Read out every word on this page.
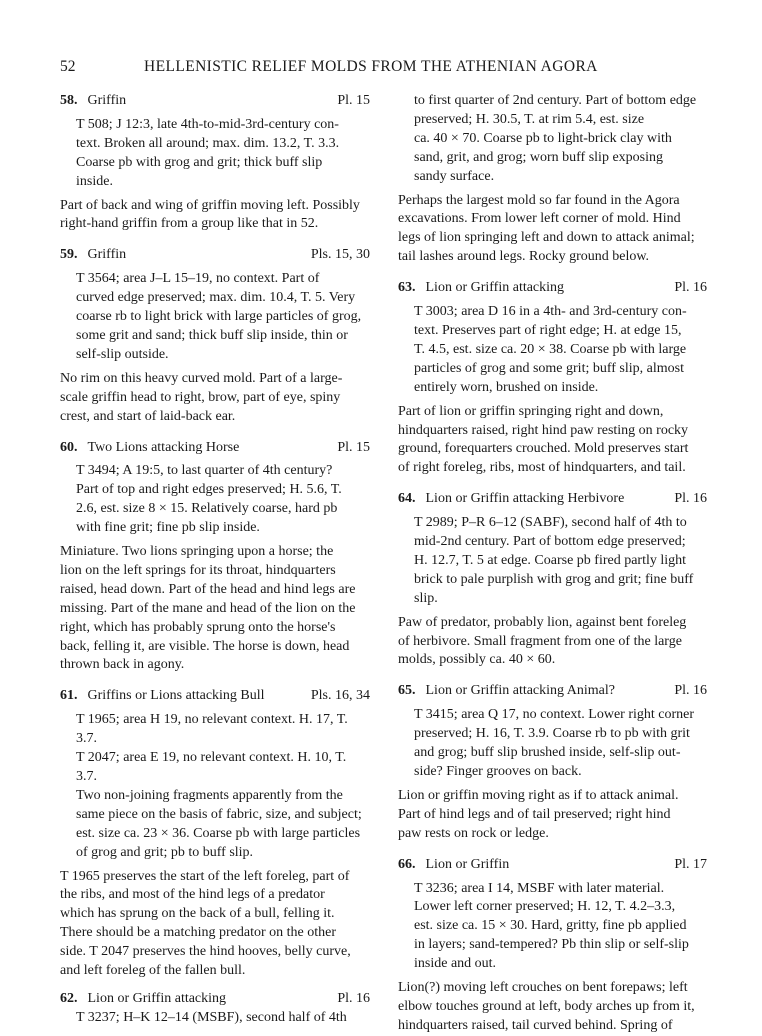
52	HELLENISTIC RELIEF MOLDS FROM THE ATHENIAN AGORA
58. Griffin	Pl. 15

T 508; J 12:3, late 4th-to-mid-3rd-century con-

text. Broken all around; max. dim. 13.2, T. 3.3.

Coarse pb with grog and grit; thick buff slip

inside.

Part of back and wing of griffin moving left. Possibly

right-hand griffin from a group like that in 52.

59. Griffin	Pls. 15, 30

T 3564; area J–L 15–19, no context. Part of

curved edge preserved; max. dim. 10.4, T. 5. Very

coarse rb to light brick with large particles of grog,

some grit and sand; thick buff slip inside, thin or

self-slip outside.

No rim on this heavy curved mold. Part of a large-

scale griffin head to right, brow, part of eye, spiny

crest, and start of laid-back ear.

60. Two Lions attacking Horse	Pl. 15

T 3494; A 19:5, to last quarter of 4th century?

Part of top and right edges preserved; H. 5.6, T.

2.6, est. size 8 × 15. Relatively coarse, hard pb

with fine grit; fine pb slip inside.

Miniature. Two lions springing upon a horse; the

lion on the left springs for its throat, hindquarters

raised, head down. Part of the head and hind legs are

missing. Part of the mane and head of the lion on the

right, which has probably sprung onto the horse's

back, felling it, are visible. The horse is down, head

thrown back in agony.

61. Griffins or Lions attacking Bull	Pls. 16, 34

T 1965; area H 19, no relevant context. H. 17, T.

3.7.

T 2047; area E 19, no relevant context. H. 10, T.

3.7.

Two non-joining fragments apparently from the

same piece on the basis of fabric, size, and subject;

est. size ca. 23 × 36. Coarse pb with large particles

of grog and grit; pb to buff slip.

T 1965 preserves the start of the left foreleg, part of

the ribs, and most of the hind legs of a predator

which has sprung on the back of a bull, felling it.

There should be a matching predator on the other

side. T 2047 preserves the hind hooves, belly curve,

and left foreleg of the fallen bull.

62. Lion or Griffin attacking	Pl. 16

T 3237; H–K 12–14 (MSBF), second half of 4th

to first quarter of 2nd century. Part of bottom edge

preserved; H. 30.5, T. at rim 5.4, est. size

ca. 40 × 70. Coarse pb to light-brick clay with

sand, grit, and grog; worn buff slip exposing

sandy surface.

Perhaps the largest mold so far found in the Agora

excavations. From lower left corner of mold. Hind

legs of lion springing left and down to attack animal;

tail lashes around legs. Rocky ground below.

63. Lion or Griffin attacking	Pl. 16

T 3003; area D 16 in a 4th- and 3rd-century con-

text. Preserves part of right edge; H. at edge 15,

T. 4.5, est. size ca. 20 × 38. Coarse pb with large

particles of grog and some grit; buff slip, almost

entirely worn, brushed on inside.

Part of lion or griffin springing right and down,

hindquarters raised, right hind paw resting on rocky

ground, forequarters crouched. Mold preserves start

of right foreleg, ribs, most of hindquarters, and tail.

64. Lion or Griffin attacking Herbivore	Pl. 16

T 2989; P–R 6–12 (SABF), second half of 4th to

mid-2nd century. Part of bottom edge preserved;

H. 12.7, T. 5 at edge. Coarse pb fired partly light

brick to pale purplish with grog and grit; fine buff

slip.

Paw of predator, probably lion, against bent foreleg

of herbivore. Small fragment from one of the large

molds, possibly ca. 40 × 60.

65. Lion or Griffin attacking Animal?	Pl. 16

T 3415; area Q 17, no context. Lower right corner

preserved; H. 16, T. 3.9. Coarse rb to pb with grit

and grog; buff slip brushed inside, self-slip out-

side? Finger grooves on back.

Lion or griffin moving right as if to attack animal.

Part of hind legs and of tail preserved; right hind

paw rests on rock or ledge.

66. Lion or Griffin	Pl. 17

T 3236; area I 14, MSBF with later material.

Lower left corner preserved; H. 12, T. 4.2–3.3,

est. size ca. 15 × 30. Hard, gritty, fine pb applied

in layers; sand-tempered? Pb thin slip or self-slip

inside and out.

Lion(?) moving left crouches on bent forepaws; left

elbow touches ground at left, body arches up from it,

hindquarters raised, tail curved behind. Spring of
